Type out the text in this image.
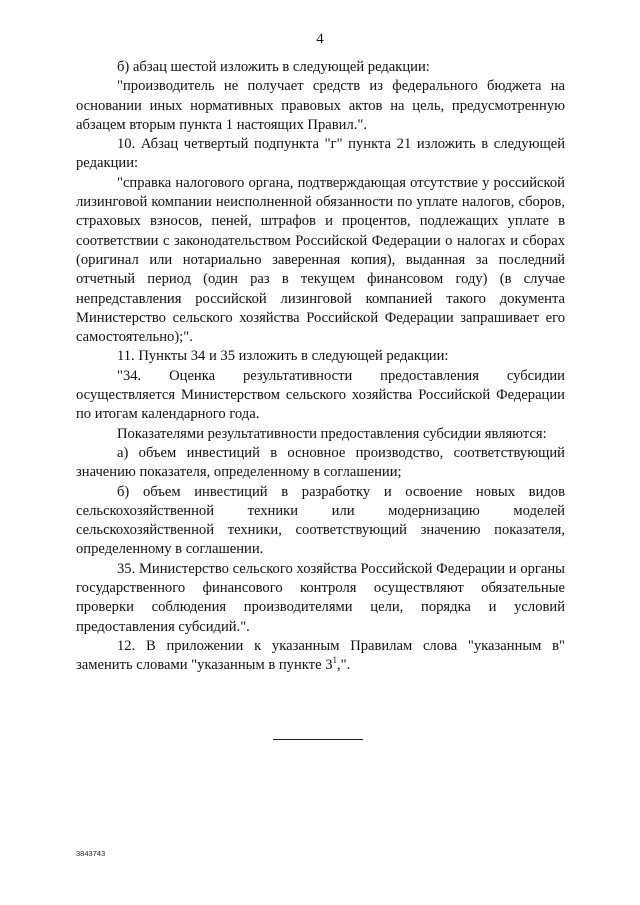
4

б) абзац шестой изложить в следующей редакции:

"производитель не получает средств из федерального бюджета на основании иных нормативных правовых актов на цель, предусмотренную абзацем вторым пункта 1 настоящих Правил.".

10. Абзац четвертый подпункта "г" пункта 21 изложить в следующей редакции:

"справка налогового органа, подтверждающая отсутствие у российской лизинговой компании неисполненной обязанности по уплате налогов, сборов, страховых взносов, пеней, штрафов и процентов, подлежащих уплате в соответствии с законодательством Российской Федерации о налогах и сборах (оригинал или нотариально заверенная копия), выданная за последний отчетный период (один раз в текущем финансовом году) (в случае непредставления российской лизинговой компанией такого документа Министерство сельского хозяйства Российской Федерации запрашивает его самостоятельно);".

11. Пункты 34 и 35 изложить в следующей редакции:

"34. Оценка результативности предоставления субсидии осуществляется Министерством сельского хозяйства Российской Федерации по итогам календарного года.

Показателями результативности предоставления субсидии являются:

а) объем инвестиций в основное производство, соответствующий значению показателя, определенному в соглашении;

б) объем инвестиций в разработку и освоение новых видов сельскохозяйственной техники или модернизацию моделей сельскохозяйственной техники, соответствующий значению показателя, определенному в соглашении.

35. Министерство сельского хозяйства Российской Федерации и органы государственного финансового контроля осуществляют обязательные проверки соблюдения производителями цели, порядка и условий предоставления субсидий.".

12. В приложении к указанным Правилам слова "указанным в" заменить словами "указанным в пункте $3^1$,".

3843743
